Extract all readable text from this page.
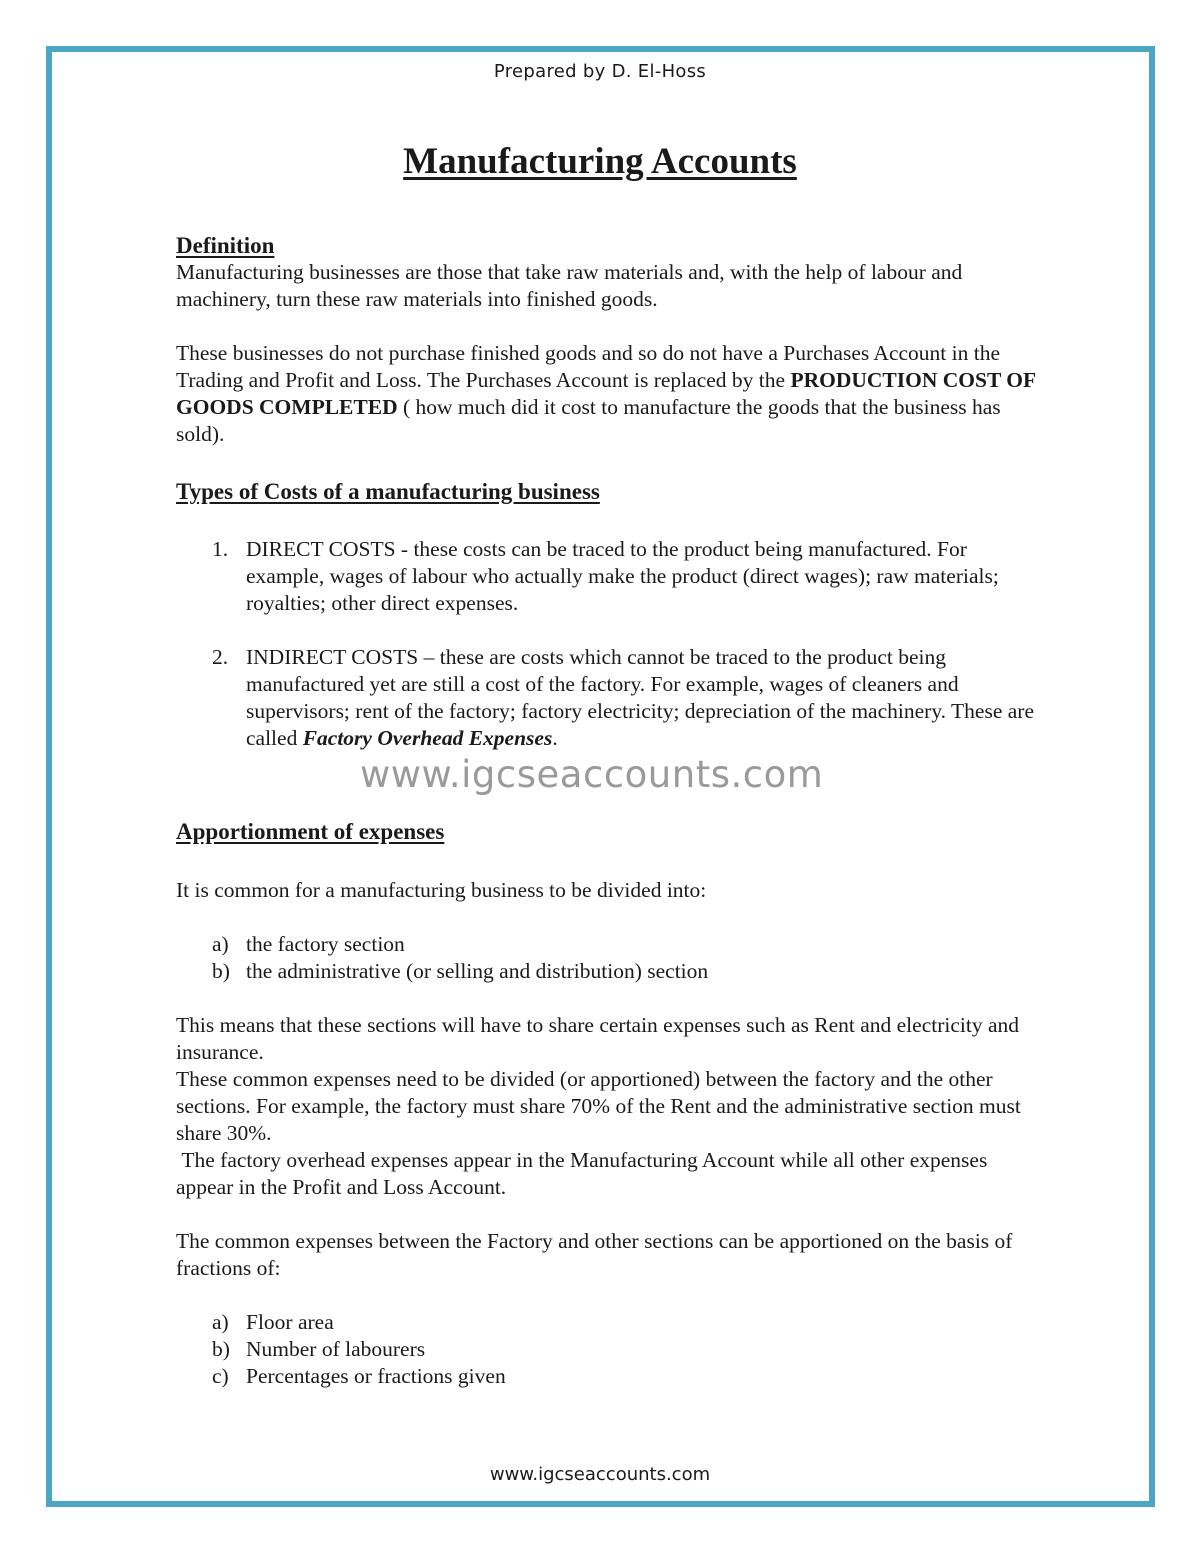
Prepared by D. El-Hoss
Manufacturing Accounts

Definition

Manufacturing businesses are those that take raw materials and, with the help of labour and machinery, turn these raw materials into finished goods.

These businesses do not purchase finished goods and so do not have a Purchases Account in the Trading and Profit and Loss. The Purchases Account is replaced by the PRODUCTION COST OF GOODS COMPLETED ( how much did it cost to manufacture the goods that the business has sold).

Types of Costs of a manufacturing business

1. DIRECT COSTS - these costs can be traced to the product being manufactured. For example, wages of labour who actually make the product (direct wages); raw materials; royalties; other direct expenses.
2. INDIRECT COSTS – these are costs which cannot be traced to the product being manufactured yet are still a cost of the factory. For example, wages of cleaners and supervisors; rent of the factory; factory electricity; depreciation of the machinery. These are called Factory Overhead Expenses.

Apportionment of expenses

It is common for a manufacturing business to be divided into:

a) the factory section
b) the administrative (or selling and distribution) section

This means that these sections will have to share certain expenses such as Rent and electricity and insurance.

These common expenses need to be divided (or apportioned) between the factory and the other sections. For example, the factory must share 70% of the Rent and the administrative section must share 30%.

The factory overhead expenses appear in the Manufacturing Account while all other expenses appear in the Profit and Loss Account.

The common expenses between the Factory and other sections can be apportioned on the basis of fractions of:

a) Floor area
b) Number of labourers
c) Percentages or fractions given
www.igcseaccounts.com
www.igcseaccounts.com
